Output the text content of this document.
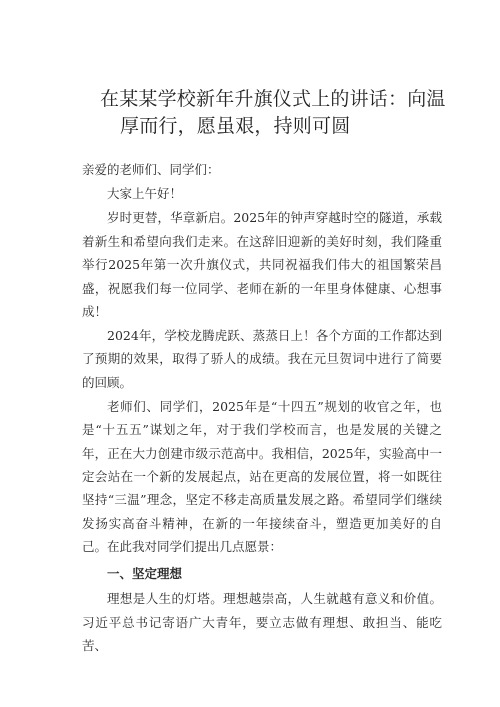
在某某学校新年升旗仪式上的讲话：向温
厚而行，愿虽艰，持则可圆

亲爱的老师们、同学们：

大家上午好！

岁时更替，华章新启。2025年的钟声穿越时空的隧道，承载着新生和希望向我们走来。在这辞旧迎新的美好时刻，我们隆重举行2025年第一次升旗仪式，共同祝福我们伟大的祖国繁荣昌盛，祝愿我们每一位同学、老师在新的一年里身体健康、心想事成！

2024年，学校龙腾虎跃、蒸蒸日上！各个方面的工作都达到了预期的效果，取得了骄人的成绩。我在元旦贺词中进行了简要的回顾。

老师们、同学们，2025年是“十四五”规划的收官之年，也是“十五五”谋划之年，对于我们学校而言，也是发展的关键之年，正在大力创建市级示范高中。我相信，2025年，实验高中一定会站在一个新的发展起点，站在更高的发展位置，将一如既往坚持“三温”理念，坚定不移走高质量发展之路。希望同学们继续发扬实高奋斗精神，在新的一年接续奋斗，塑造更加美好的自己。在此我对同学们提出几点愿景：

一、坚定理想

理想是人生的灯塔。理想越崇高，人生就越有意义和价值。习近平总书记寄语广大青年，要立志做有理想、敢担当、能吃苦、
